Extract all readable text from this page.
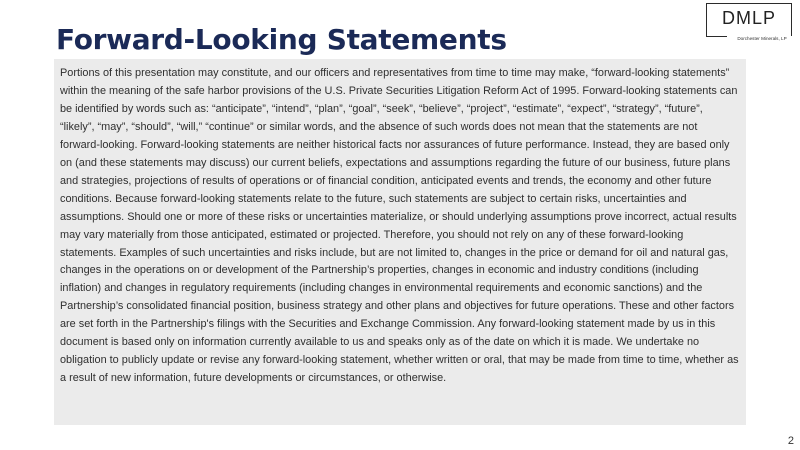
Forward-Looking Statements
DMLP
Dorchester Minerals, LP

Portions of this presentation may constitute, and our officers and representatives from time to time may make, “forward-looking statements” within the meaning of the safe harbor provisions of the U.S. Private Securities Litigation Reform Act of 1995. Forward-looking statements can be identified by words such as: “anticipate”, “intend”, “plan”, “goal”, “seek”, “believe”, “project”, “estimate”, “expect”, “strategy”, “future”, “likely”, “may”, “should”, “will,” “continue” or similar words, and the absence of such words does not mean that the statements are not forward-looking. Forward-looking statements are neither historical facts nor assurances of future performance. Instead, they are based only on (and these statements may discuss) our current beliefs, expectations and assumptions regarding the future of our business, future plans and strategies, projections of results of operations or of financial condition, anticipated events and trends, the economy and other future conditions. Because forward-looking statements relate to the future, such statements are subject to certain risks, uncertainties and assumptions. Should one or more of these risks or uncertainties materialize, or should underlying assumptions prove incorrect, actual results may vary materially from those anticipated, estimated or projected. Therefore, you should not rely on any of these forward-looking statements. Examples of such uncertainties and risks include, but are not limited to, changes in the price or demand for oil and natural gas, changes in the operations on or development of the Partnership’s properties, changes in economic and industry conditions (including inflation) and changes in regulatory requirements (including changes in environmental requirements and economic sanctions) and the Partnership’s consolidated financial position, business strategy and other plans and objectives for future operations. These and other factors are set forth in the Partnership's filings with the Securities and Exchange Commission. Any forward-looking statement made by us in this document is based only on information currently available to us and speaks only as of the date on which it is made. We undertake no obligation to publicly update or revise any forward-looking statement, whether written or oral, that may be made from time to time, whether as a result of new information, future developments or circumstances, or otherwise.

2
